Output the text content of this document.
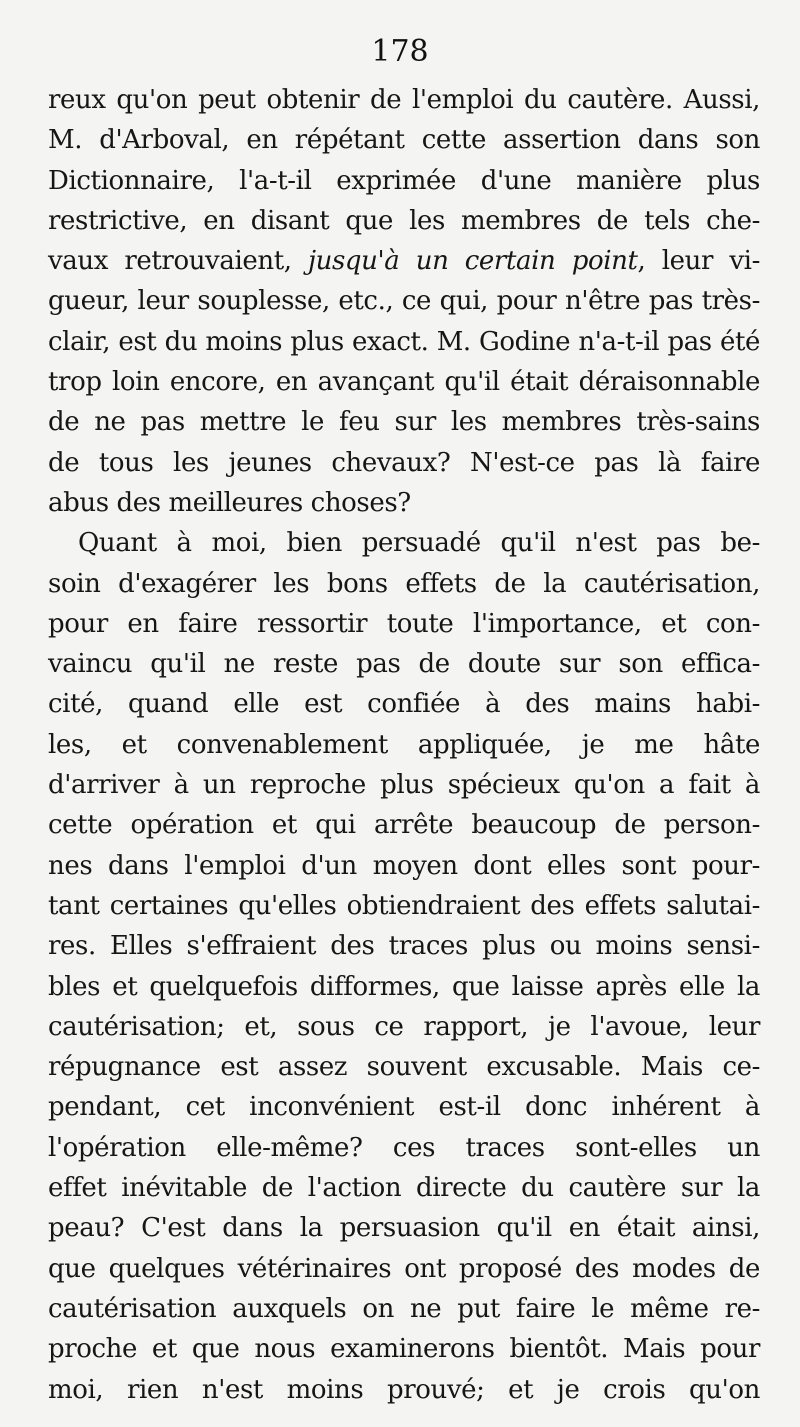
178
reux qu'on peut obtenir de l'emploi du cautère. Aussi,
M. d'Arboval, en répétant cette assertion dans son
Dictionnaire, l'a-t-il exprimée d'une manière plus
restrictive, en disant que les membres de tels che-
vaux retrouvaient, jusqu'à un certain point, leur vi-
gueur, leur souplesse, etc., ce qui, pour n'être pas très-
clair, est du moins plus exact. M. Godine n'a-t-il pas été
trop loin encore, en avançant qu'il était déraisonnable
de ne pas mettre le feu sur les membres très-sains
de tous les jeunes chevaux? N'est-ce pas là faire
abus des meilleures choses?
Quant à moi, bien persuadé qu'il n'est pas be-
soin d'exagérer les bons effets de la cautérisation,
pour en faire ressortir toute l'importance, et con-
vaincu qu'il ne reste pas de doute sur son effica-
cité, quand elle est confiée à des mains habi-
les, et convenablement appliquée, je me hâte
d'arriver à un reproche plus spécieux qu'on a fait à
cette opération et qui arrête beaucoup de person-
nes dans l'emploi d'un moyen dont elles sont pour-
tant certaines qu'elles obtiendraient des effets salutai-
res. Elles s'effraient des traces plus ou moins sensi-
bles et quelquefois difformes, que laisse après elle la
cautérisation; et, sous ce rapport, je l'avoue, leur
répugnance est assez souvent excusable. Mais ce-
pendant, cet inconvénient est-il donc inhérent à
l'opération elle-même? ces traces sont-elles un
effet inévitable de l'action directe du cautère sur la
peau? C'est dans la persuasion qu'il en était ainsi,
que quelques vétérinaires ont proposé des modes de
cautérisation auxquels on ne put faire le même re-
proche et que nous examinerons bientôt. Mais pour
moi, rien n'est moins prouvé; et je crois qu'on
